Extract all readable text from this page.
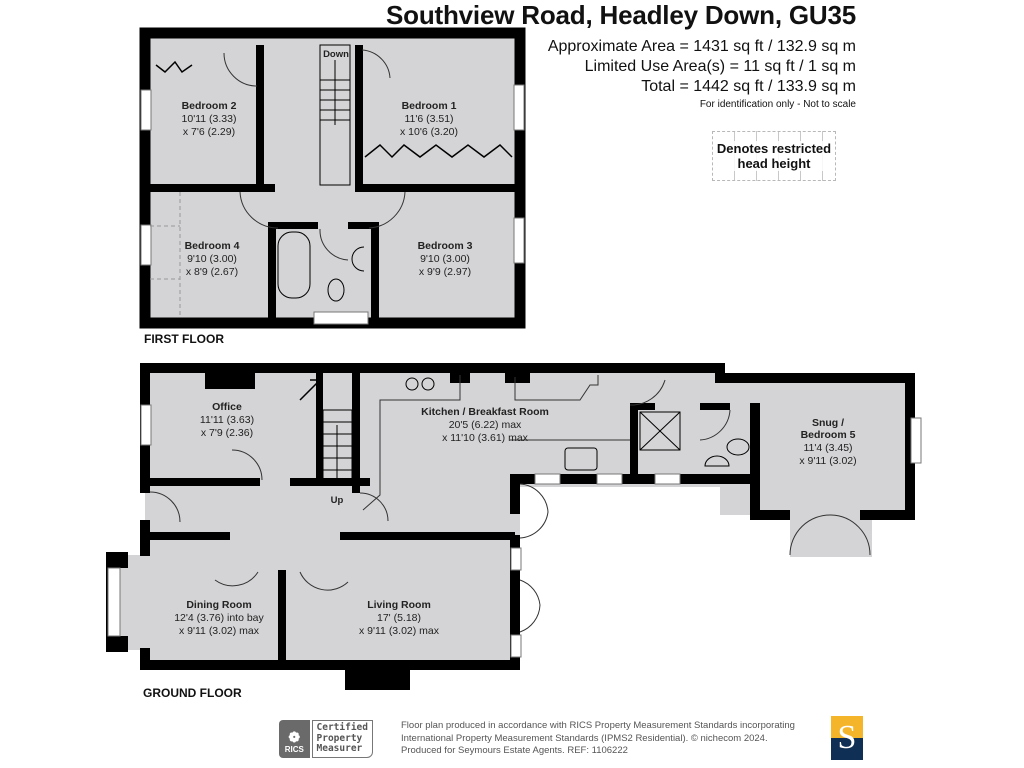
Southview Road, Headley Down, GU35
Approximate Area = 1431 sq ft / 132.9 sq m
Limited Use Area(s) = 11 sq ft / 1 sq m
Total = 1442 sq ft / 133.9 sq m
For identification only - Not to scale
Denotes restricted head height
Bedroom 2 10'11 (3.33) x 7'6 (2.29)
Bedroom 1 11'6 (3.51) x 10'6 (3.20)
Bedroom 4 9'10 (3.00) x 8'9 (2.67)
Bedroom 3 9'10 (3.00) x 9'9 (2.97)
Down
Office 11'11 (3.63) x 7'9 (2.36)
Kitchen / Breakfast Room 20'5 (6.22) max x 11'10 (3.61) max
Snug / Bedroom 5 11'4 (3.45) x 9'11 (3.02)
Dining Room 12'4 (3.76) into bay x 9'11 (3.02) max
Living Room 17' (5.18) x 9'11 (3.02) max
Up
FIRST FLOOR
GROUND FLOOR
❁
RICS
Certified
Property
Measurer
Floor plan produced in accordance with RICS Property Measurement Standards incorporating
International Property Measurement Standards (IPMS2 Residential). © nichecom 2024.
Produced for Seymours Estate Agents. REF: 1106222	S
